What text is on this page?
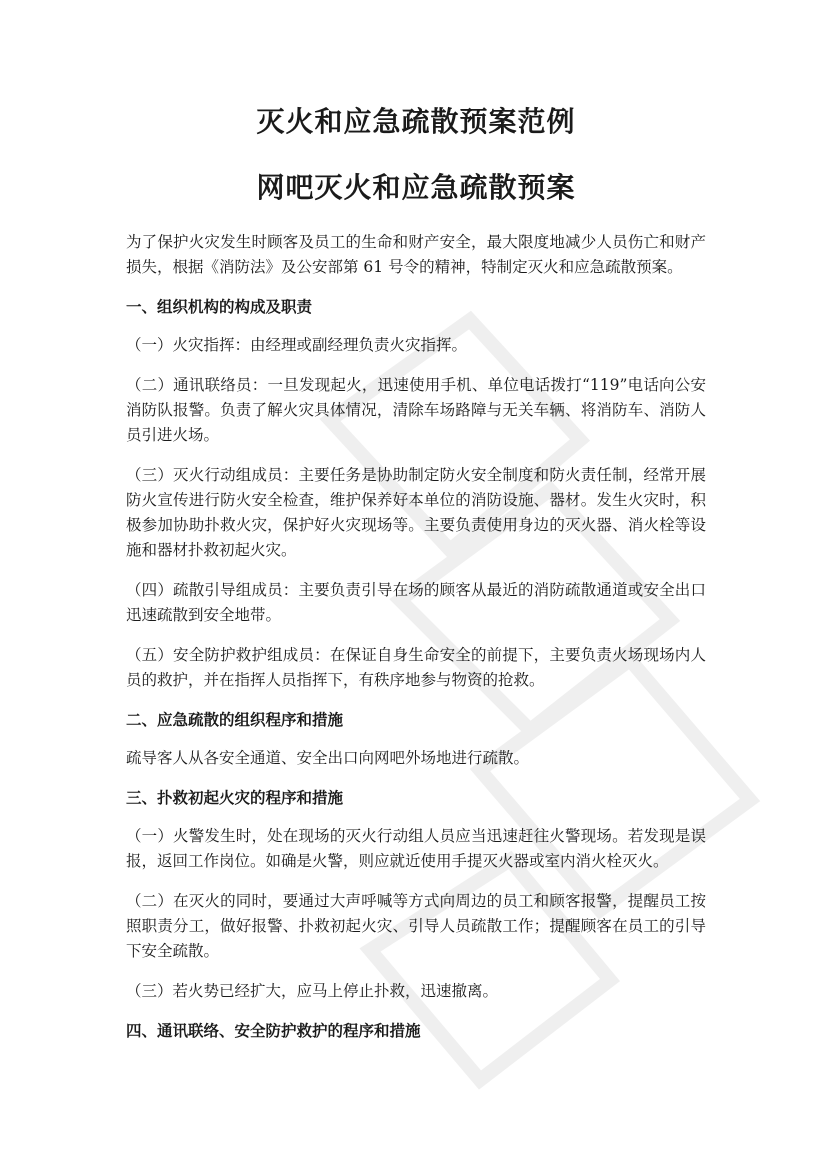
灭火和应急疏散预案范例
网吧灭火和应急疏散预案

为了保护火灾发生时顾客及员工的生命和财产安全，最大限度地减少人员伤亡和财产损失，根据《消防法》及公安部第 61 号令的精神，特制定灭火和应急疏散预案。

一、组织机构的构成及职责

（一）火灾指挥：由经理或副经理负责火灾指挥。

（二）通讯联络员：一旦发现起火，迅速使用手机、单位电话拨打“119”电话向公安消防队报警。负责了解火灾具体情况，清除车场路障与无关车辆、将消防车、消防人员引进火场。

（三）灭火行动组成员：主要任务是协助制定防火安全制度和防火责任制，经常开展防火宣传进行防火安全检查，维护保养好本单位的消防设施、器材。发生火灾时，积极参加协助扑救火灾，保护好火灾现场等。主要负责使用身边的灭火器、消火栓等设施和器材扑救初起火灾。

（四）疏散引导组成员：主要负责引导在场的顾客从最近的消防疏散通道或安全出口迅速疏散到安全地带。

（五）安全防护救护组成员：在保证自身生命安全的前提下，主要负责火场现场内人员的救护，并在指挥人员指挥下，有秩序地参与物资的抢救。

二、应急疏散的组织程序和措施

疏导客人从各安全通道、安全出口向网吧外场地进行疏散。

三、扑救初起火灾的程序和措施

（一）火警发生时，处在现场的灭火行动组人员应当迅速赶往火警现场。若发现是误报，返回工作岗位。如确是火警，则应就近使用手提灭火器或室内消火栓灭火。

（二）在灭火的同时，要通过大声呼喊等方式向周边的员工和顾客报警，提醒员工按照职责分工，做好报警、扑救初起火灾、引导人员疏散工作；提醒顾客在员工的引导下安全疏散。

（三）若火势已经扩大，应马上停止扑救，迅速撤离。

四、通讯联络、安全防护救护的程序和措施
